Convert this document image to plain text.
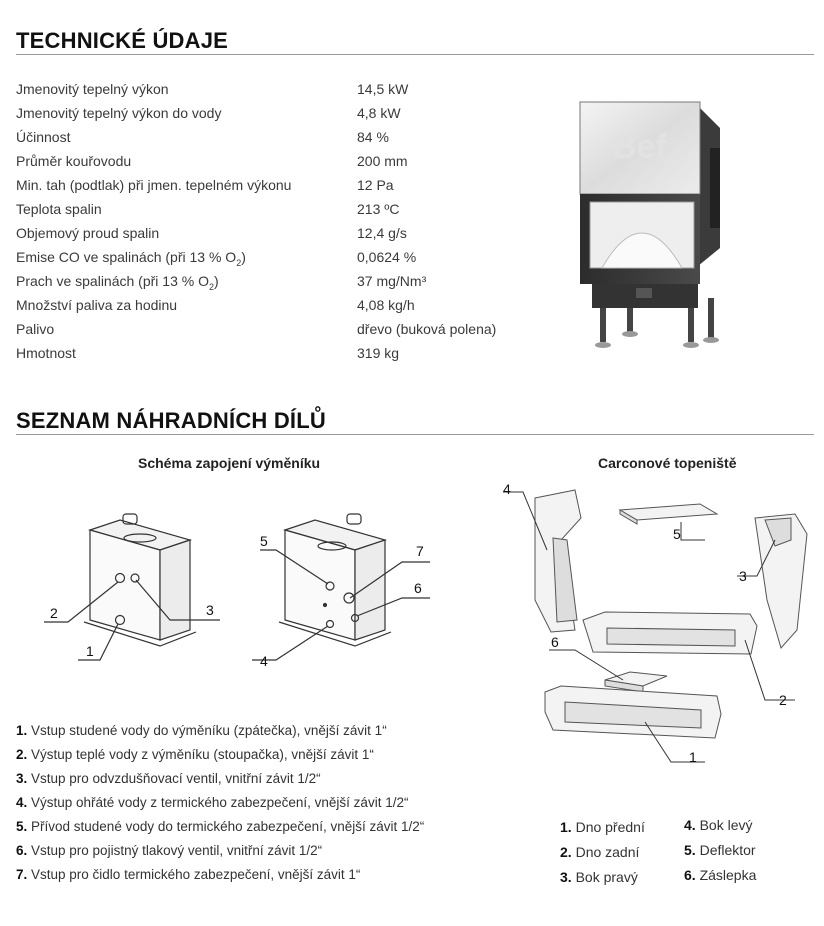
TECHNICKÉ ÚDAJE
Jmenovitý tepelný výkon	14,5 kW
Jmenovitý tepelný výkon do vody	4,8 kW
Účinnost	84 %
Průměr kouřovodu	200 mm
Min. tah (podtlak) při jmen. tepelném výkonu	12 Pa
Teplota spalin	213 ºC
Objemový proud spalin	12,4 g/s
Emise CO ve spalinách (při 13 % $O_2$)	0,0624 %
Prach ve spalinách (při 13 % $O_2$)	37 mg/Nm³
Množství paliva za hodinu	4,08 kg/h
Palivo	dřevo (buková polena)
Hmotnost	319 kg
Bef
SEZNAM NÁHRADNÍCH DÍLŮ
Schéma zapojení výměníku	Carconové topeniště
2	3
1
5
4
7
6
4
5
3
2
6
1
1. Vstup studené vody do výměníku (zpátečka), vnější závit 1“
2. Výstup teplé vody z výměníku (stoupačka), vnější závit 1“
3. Vstup pro odvzdušňovací ventil, vnitřní závit 1/2“
4. Výstup ohřáté vody z termického zabezpečení, vnější závit 1/2“
5. Přívod studené vody do termického zabezpečení, vnější závit 1/2“
6. Vstup pro pojistný tlakový ventil, vnitřní závit 1/2“
7. Vstup pro čidlo termického zabezpečení, vnější závit 1“
1. Dno přední
2. Dno zadní
3. Bok pravý
4. Bok levý
5. Deflektor
6. Záslepka
